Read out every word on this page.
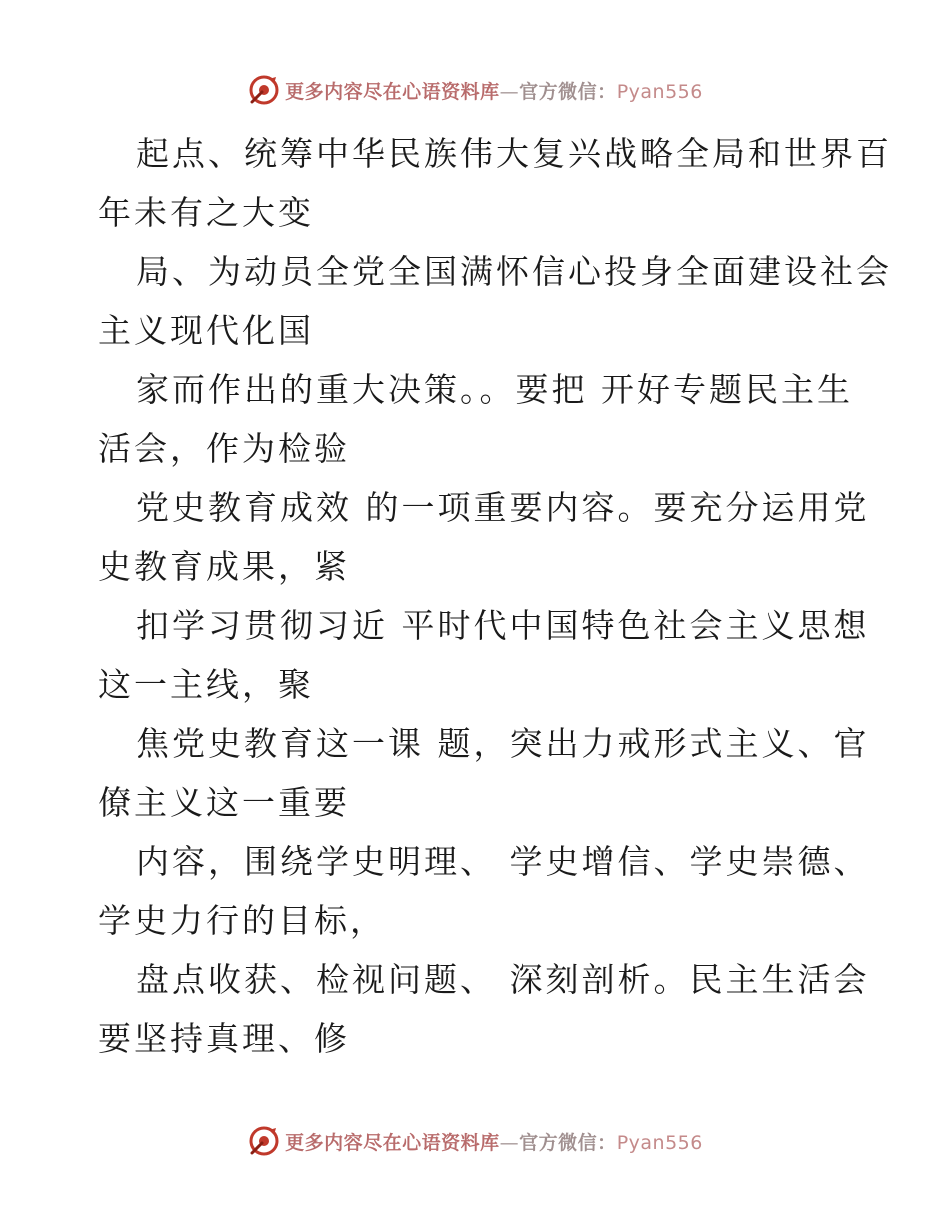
更多内容尽在心语资料库—官方微信：Pyan556

起点、统筹中华民族伟大复兴战略全局和世界百

年未有之大变

局、为动员全党全国满怀信心投身全面建设社会

主义现代化国

家而作出的重大决策。。要把 开好专题民主生

活会，作为检验

党史教育成效 的一项重要内容。要充分运用党

史教育成果，紧

扣学习贯彻习近 平时代中国特色社会主义思想

这一主线，聚

焦党史教育这一课 题，突出力戒形式主义、官

僚主义这一重要

内容，围绕学史明理、 学史增信、学史崇德、

学史力行的目标，

盘点收获、检视问题、 深刻剖析。民主生活会

要坚持真理、修

更多内容尽在心语资料库—官方微信：Pyan556
